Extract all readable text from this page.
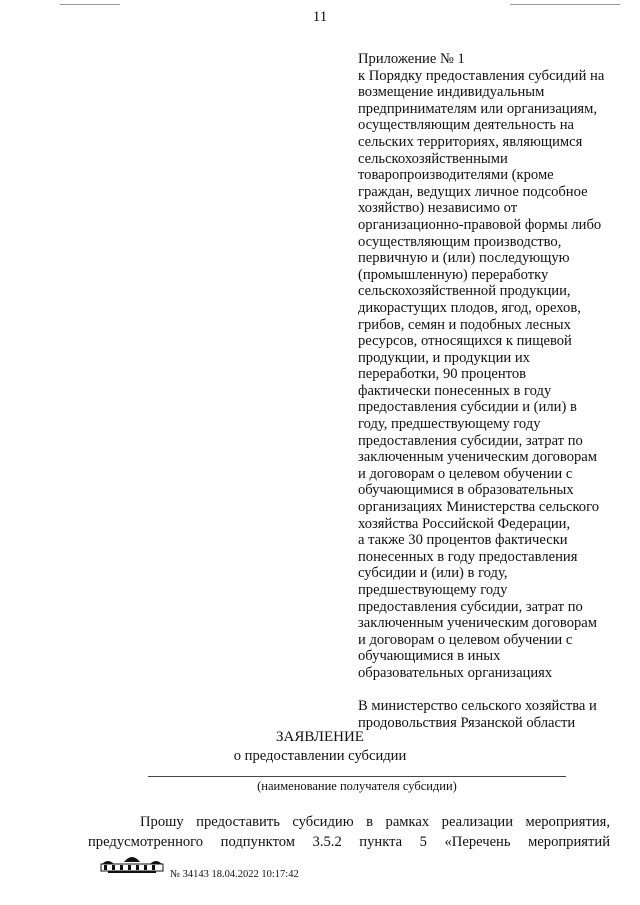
11
Приложение № 1
к Порядку предоставления субсидий на
возмещение индивидуальным
предпринимателям или организациям,
осуществляющим деятельность на
сельских территориях, являющимся
сельскохозяйственными
товаропроизводителями (кроме
граждан, ведущих личное подсобное
хозяйство) независимо от
организационно-правовой формы либо
осуществляющим производство,
первичную и (или) последующую
(промышленную) переработку
сельскохозяйственной продукции,
дикорастущих плодов, ягод, орехов,
грибов, семян и подобных лесных
ресурсов, относящихся к пищевой
продукции, и продукции их
переработки, 90 процентов
фактически понесенных в году
предоставления субсидии и (или) в
году, предшествующему году
предоставления субсидии, затрат по
заключенным ученическим договорам
и договорам о целевом обучении с
обучающимися в образовательных
организациях Министерства сельского
хозяйства Российской Федерации,
а также 30 процентов фактически
понесенных в году предоставления
субсидии и (или) в году,
предшествующему году
предоставления субсидии, затрат по
заключенным ученическим договорам
и договорам о целевом обучении с
обучающимися в иных
образовательных организациях
В министерство сельского хозяйства и
продовольствия Рязанской области
ЗАЯВЛЕНИЕ
о предоставлении субсидии
(наименование получателя субсидии)
Прошу предоставить субсидию в рамках реализации мероприятия,
предусмотренного подпунктом 3.5.2 пункта 5 «Перечень мероприятий
№ 34143 18.04.2022 10:17:42
